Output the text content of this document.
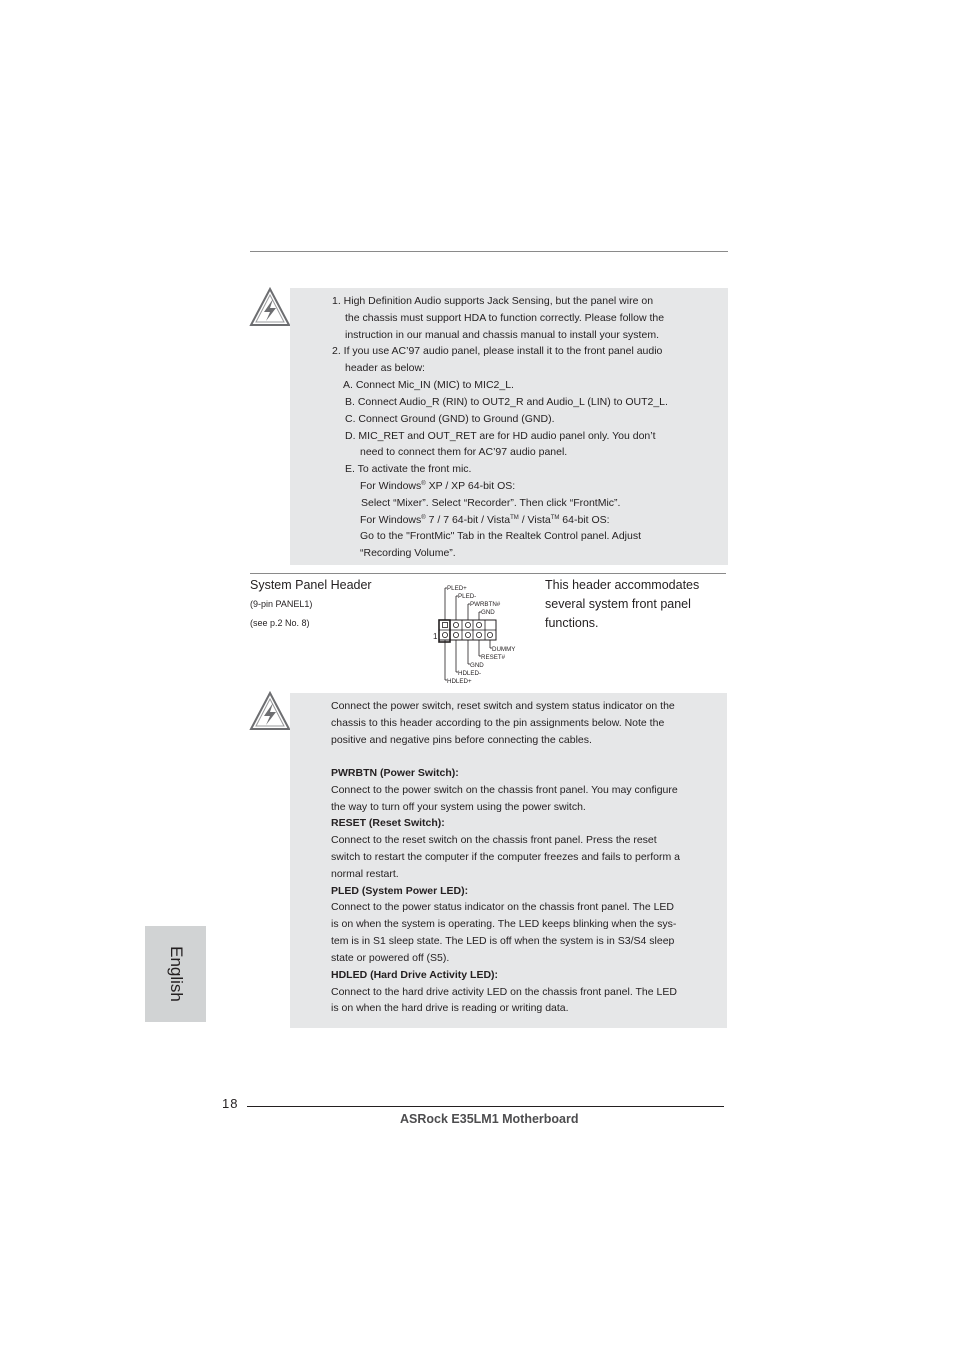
1. High Definition Audio supports Jack Sensing, but the panel wire on
the chassis must support HDA to function correctly. Please follow the
instruction in our manual and chassis manual to install your system.
2. If you use AC’97 audio panel, please install it to the front panel audio
header as below:
A. Connect Mic_IN (MIC) to MIC2_L.
B. Connect Audio_R (RIN) to OUT2_R and Audio_L (LIN) to OUT2_L.
C. Connect Ground (GND) to Ground (GND).
D. MIC_RET and OUT_RET are for HD audio panel only. You don’t
need to connect them for AC’97 audio panel.
E. To activate the front mic.
For Windows® XP / XP 64-bit OS:
Select “Mixer”. Select “Recorder”. Then click “FrontMic”.
For Windows® 7 / 7 64-bit / Vista™ / Vista™ 64-bit OS:
Go to the "FrontMic" Tab in the Realtek Control panel. Adjust
“Recording Volume”.
System Panel Header
(9-pin PANEL1)
(see p.2 No. 8)
PLED+
PLED-
PWRBTN#
GND
DUMMY
RESET#
GND
HDLED-
HDLED+
1
This header accommodates
several system front panel
functions.
Connect the power switch, reset switch and system status indicator on the
chassis to this header according to the pin assignments below. Note the
positive and negative pins before connecting the cables.
PWRBTN (Power Switch):
Connect to the power switch on the chassis front panel. You may configure
the way to turn off your system using the power switch.
RESET (Reset Switch):
Connect to the reset switch on the chassis front panel. Press the reset
switch to restart the computer if the computer freezes and fails to perform a
normal restart.
PLED (System Power LED):
Connect to the power status indicator on the chassis front panel. The LED
is on when the system is operating. The LED keeps blinking when the sys-
tem is in S1 sleep state. The LED is off when the system is in S3/S4 sleep
state or powered off (S5).
HDLED (Hard Drive Activity LED):
Connect to the hard drive activity LED on the chassis front panel. The LED
is on when the hard drive is reading or writing data.
English
18
ASRock E35LM1 Motherboard
